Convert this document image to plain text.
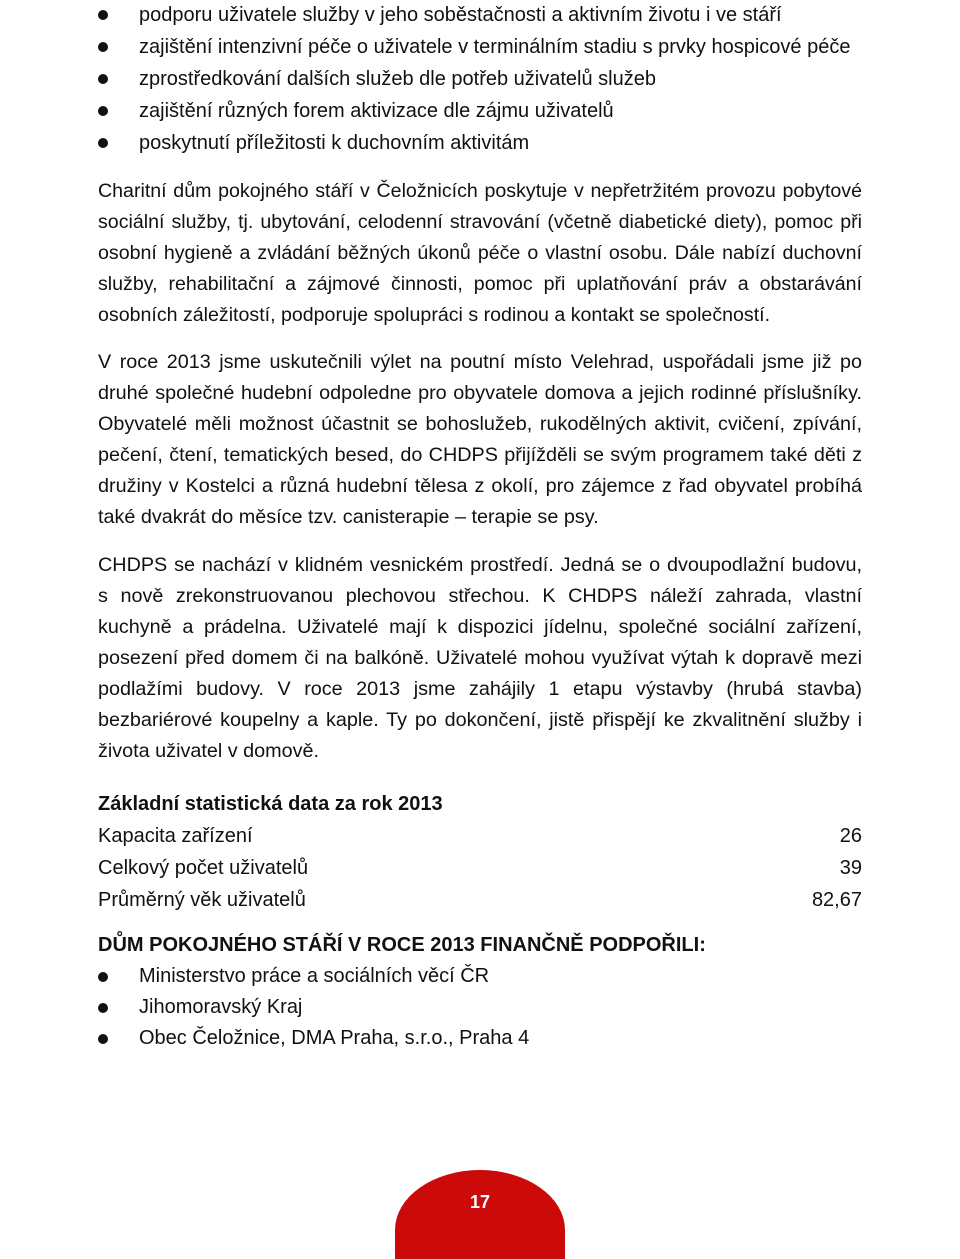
podporu uživatele služby v jeho soběstačnosti a aktivním životu i ve stáří
zajištění intenzivní péče o uživatele v terminálním stadiu s prvky hospicové péče
zprostředkování dalších služeb dle potřeb uživatelů služeb
zajištění různých forem aktivizace dle zájmu uživatelů
poskytnutí příležitosti k duchovním aktivitám

Charitní dům pokojného stáří v Čeložnicích poskytuje v nepřetržitém provozu pobytové sociální služby, tj. ubytování, celodenní stravování (včetně diabetické diety), pomoc při osobní hygieně a zvládání běžných úkonů péče o vlastní osobu. Dále nabízí duchovní služby, rehabilitační a zájmové činnosti, pomoc při uplatňování práv a obstarávání osobních záležitostí, podporuje spolupráci s rodinou a kontakt se společností.

V roce 2013 jsme uskutečnili výlet na poutní místo Velehrad, uspořádali jsme již po druhé společné hudební odpoledne pro obyvatele domova a jejich rodinné příslušníky. Obyvatelé měli možnost účastnit se bohoslužeb, rukodělných aktivit, cvičení, zpívání, pečení, čtení, tematických besed, do CHDPS přijížděli se svým programem také děti z družiny v Kostelci a různá hudební tělesa z okolí, pro zájemce z řad obyvatel probíhá také dvakrát do měsíce tzv. canisterapie – terapie se psy.

CHDPS se nachází v klidném vesnickém prostředí. Jedná se o dvoupodlažní budovu, s nově zrekonstruovanou plechovou střechou. K CHDPS náleží zahrada, vlastní kuchyně a prádelna. Uživatelé mají k dispozici jídelnu, společné sociální zařízení, posezení před domem či na balkóně. Uživatelé mohou využívat výtah k dopravě mezi podlažími budovy. V roce 2013 jsme zahájily 1 etapu výstavby (hrubá stavba) bezbariérové koupelny a kaple. Ty po dokončení, jistě přispějí ke zkvalitnění služby i života uživatel v domově.

Základní statistická data za rok 2013
Kapacita zařízení	26
Celkový počet uživatelů	39
Průměrný věk uživatelů	82,67
DŮM POKOJNÉHO STÁŘÍ V ROCE 2013 FINANČNĚ PODPOŘILI:
Ministerstvo práce a sociálních věcí ČR
Jihomoravský Kraj
Obec Čeložnice, DMA Praha, s.r.o., Praha 4
17
